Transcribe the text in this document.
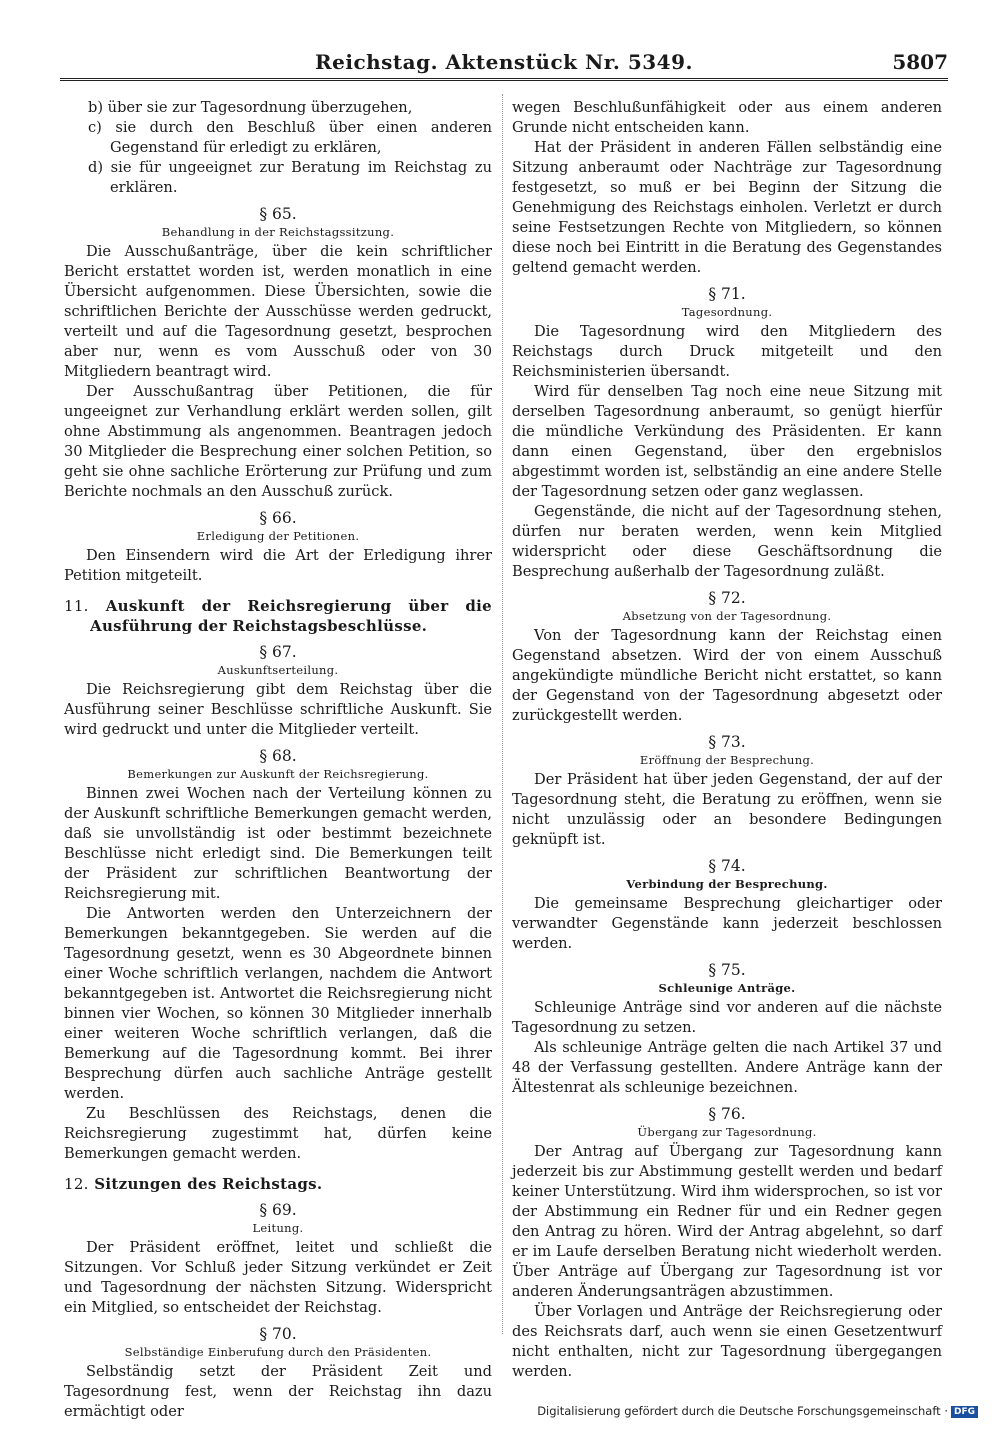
Reichstag. Aktenstück Nr. 5349.	5807

b) über sie zur Tagesordnung überzugehen,

c) sie durch den Beschluß über einen anderen Gegenstand für erledigt zu erklären,

d) sie für ungeeignet zur Beratung im Reichstag zu erklären.

§ 65.
Behandlung in der Reichstagssitzung.

Die Ausschußanträge, über die kein schriftlicher Bericht erstattet worden ist, werden monatlich in eine Übersicht aufgenommen. Diese Übersichten, sowie die schriftlichen Berichte der Ausschüsse werden gedruckt, verteilt und auf die Tagesordnung gesetzt, besprochen aber nur, wenn es vom Ausschuß oder von 30 Mitgliedern beantragt wird.

Der Ausschußantrag über Petitionen, die für ungeeignet zur Verhandlung erklärt werden sollen, gilt ohne Abstimmung als angenommen. Beantragen jedoch 30 Mitglieder die Besprechung einer solchen Petition, so geht sie ohne sachliche Erörterung zur Prüfung und zum Berichte nochmals an den Ausschuß zurück.

§ 66.
Erledigung der Petitionen.

Den Einsendern wird die Art der Erledigung ihrer Petition mitgeteilt.

11. Auskunft der Reichsregierung über die Ausführung der Reichstagsbeschlüsse.
§ 67.
Auskunftserteilung.

Die Reichsregierung gibt dem Reichstag über die Ausführung seiner Beschlüsse schriftliche Auskunft. Sie wird gedruckt und unter die Mitglieder verteilt.

§ 68.
Bemerkungen zur Auskunft der Reichsregierung.

Binnen zwei Wochen nach der Verteilung können zu der Auskunft schriftliche Bemerkungen gemacht werden, daß sie unvollständig ist oder bestimmt bezeichnete Beschlüsse nicht erledigt sind. Die Bemerkungen teilt der Präsident zur schriftlichen Beantwortung der Reichsregierung mit.

Die Antworten werden den Unterzeichnern der Bemerkungen bekanntgegeben. Sie werden auf die Tagesordnung gesetzt, wenn es 30 Abgeordnete binnen einer Woche schriftlich verlangen, nachdem die Antwort bekanntgegeben ist. Antwortet die Reichsregierung nicht binnen vier Wochen, so können 30 Mitglieder innerhalb einer weiteren Woche schriftlich verlangen, daß die Bemerkung auf die Tagesordnung kommt. Bei ihrer Besprechung dürfen auch sachliche Anträge gestellt werden.

Zu Beschlüssen des Reichstags, denen die Reichsregierung zugestimmt hat, dürfen keine Bemerkungen gemacht werden.

12. Sitzungen des Reichstags.
§ 69.
Leitung.

Der Präsident eröffnet, leitet und schließt die Sitzungen. Vor Schluß jeder Sitzung verkündet er Zeit und Tagesordnung der nächsten Sitzung. Widerspricht ein Mitglied, so entscheidet der Reichstag.

§ 70.
Selbständige Einberufung durch den Präsidenten.

Selbständig setzt der Präsident Zeit und Tagesordnung fest, wenn der Reichstag ihn dazu ermächtigt oder

wegen Beschlußunfähigkeit oder aus einem anderen Grunde nicht entscheiden kann.

Hat der Präsident in anderen Fällen selbständig eine Sitzung anberaumt oder Nachträge zur Tagesordnung festgesetzt, so muß er bei Beginn der Sitzung die Genehmigung des Reichstags einholen. Verletzt er durch seine Festsetzungen Rechte von Mitgliedern, so können diese noch bei Eintritt in die Beratung des Gegenstandes geltend gemacht werden.

§ 71.
Tagesordnung.

Die Tagesordnung wird den Mitgliedern des Reichstags durch Druck mitgeteilt und den Reichsministerien übersandt.

Wird für denselben Tag noch eine neue Sitzung mit derselben Tagesordnung anberaumt, so genügt hierfür die mündliche Verkündung des Präsidenten. Er kann dann einen Gegenstand, über den ergebnislos abgestimmt worden ist, selbständig an eine andere Stelle der Tagesordnung setzen oder ganz weglassen.

Gegenstände, die nicht auf der Tagesordnung stehen, dürfen nur beraten werden, wenn kein Mitglied widerspricht oder diese Geschäftsordnung die Besprechung außerhalb der Tagesordnung zuläßt.

§ 72.
Absetzung von der Tagesordnung.

Von der Tagesordnung kann der Reichstag einen Gegenstand absetzen. Wird der von einem Ausschuß angekündigte mündliche Bericht nicht erstattet, so kann der Gegenstand von der Tagesordnung abgesetzt oder zurückgestellt werden.

§ 73.
Eröffnung der Besprechung.

Der Präsident hat über jeden Gegenstand, der auf der Tagesordnung steht, die Beratung zu eröffnen, wenn sie nicht unzulässig oder an besondere Bedingungen geknüpft ist.

§ 74.
Verbindung der Besprechung.

Die gemeinsame Besprechung gleichartiger oder verwandter Gegenstände kann jederzeit beschlossen werden.

§ 75.
Schleunige Anträge.

Schleunige Anträge sind vor anderen auf die nächste Tagesordnung zu setzen.

Als schleunige Anträge gelten die nach Artikel 37 und 48 der Verfassung gestellten. Andere Anträge kann der Ältestenrat als schleunige bezeichnen.

§ 76.
Übergang zur Tagesordnung.

Der Antrag auf Übergang zur Tagesordnung kann jederzeit bis zur Abstimmung gestellt werden und bedarf keiner Unterstützung. Wird ihm widersprochen, so ist vor der Abstimmung ein Redner für und ein Redner gegen den Antrag zu hören. Wird der Antrag abgelehnt, so darf er im Laufe derselben Beratung nicht wiederholt werden. Über Anträge auf Übergang zur Tagesordnung ist vor anderen Änderungsanträgen abzustimmen.

Über Vorlagen und Anträge der Reichsregierung oder des Reichsrats darf, auch wenn sie einen Gesetzentwurf nicht enthalten, nicht zur Tagesordnung übergegangen werden.

Digitalisierung gefördert durch die Deutsche Forschungsgemeinschaft · DFG
